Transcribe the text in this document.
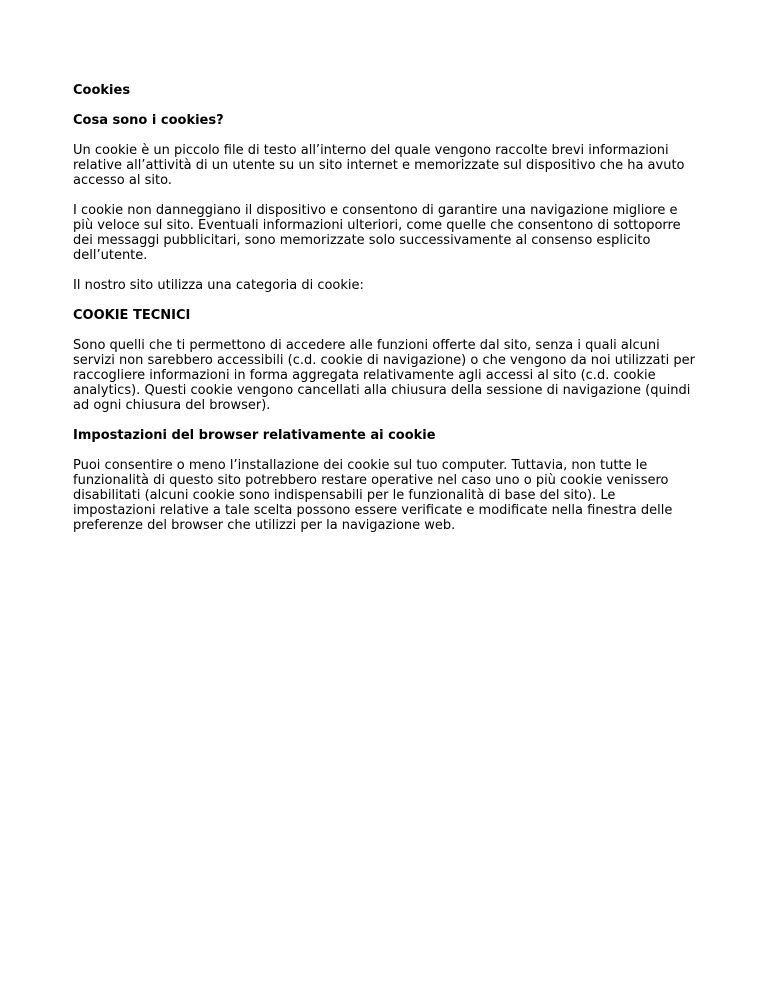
Cookies

Cosa sono i cookies?

Un cookie è un piccolo file di testo all’interno del quale vengono raccolte brevi informazioni relative all’attività di un utente su un sito internet e memorizzate sul dispositivo che ha avuto accesso al sito.

I cookie non danneggiano il dispositivo e consentono di garantire una navigazione migliore e più veloce sul sito. Eventuali informazioni ulteriori, come quelle che consentono di sottoporre dei messaggi pubblicitari, sono memorizzate solo successivamente al consenso esplicito dell’utente.

Il nostro sito utilizza una categoria di cookie:

COOKIE TECNICI

Sono quelli che ti permettono di accedere alle funzioni offerte dal sito, senza i quali alcuni servizi non sarebbero accessibili (c.d. cookie di navigazione) o che vengono da noi utilizzati per raccogliere informazioni in forma aggregata relativamente agli accessi al sito (c.d. cookie analytics). Questi cookie vengono cancellati alla chiusura della sessione di navigazione (quindi ad ogni chiusura del browser).

Impostazioni del browser relativamente ai cookie

Puoi consentire o meno l’installazione dei cookie sul tuo computer. Tuttavia, non tutte le funzionalità di questo sito potrebbero restare operative nel caso uno o più cookie venissero disabilitati (alcuni cookie sono indispensabili per le funzionalità di base del sito). Le impostazioni relative a tale scelta possono essere verificate e modificate nella finestra delle preferenze del browser che utilizzi per la navigazione web.
